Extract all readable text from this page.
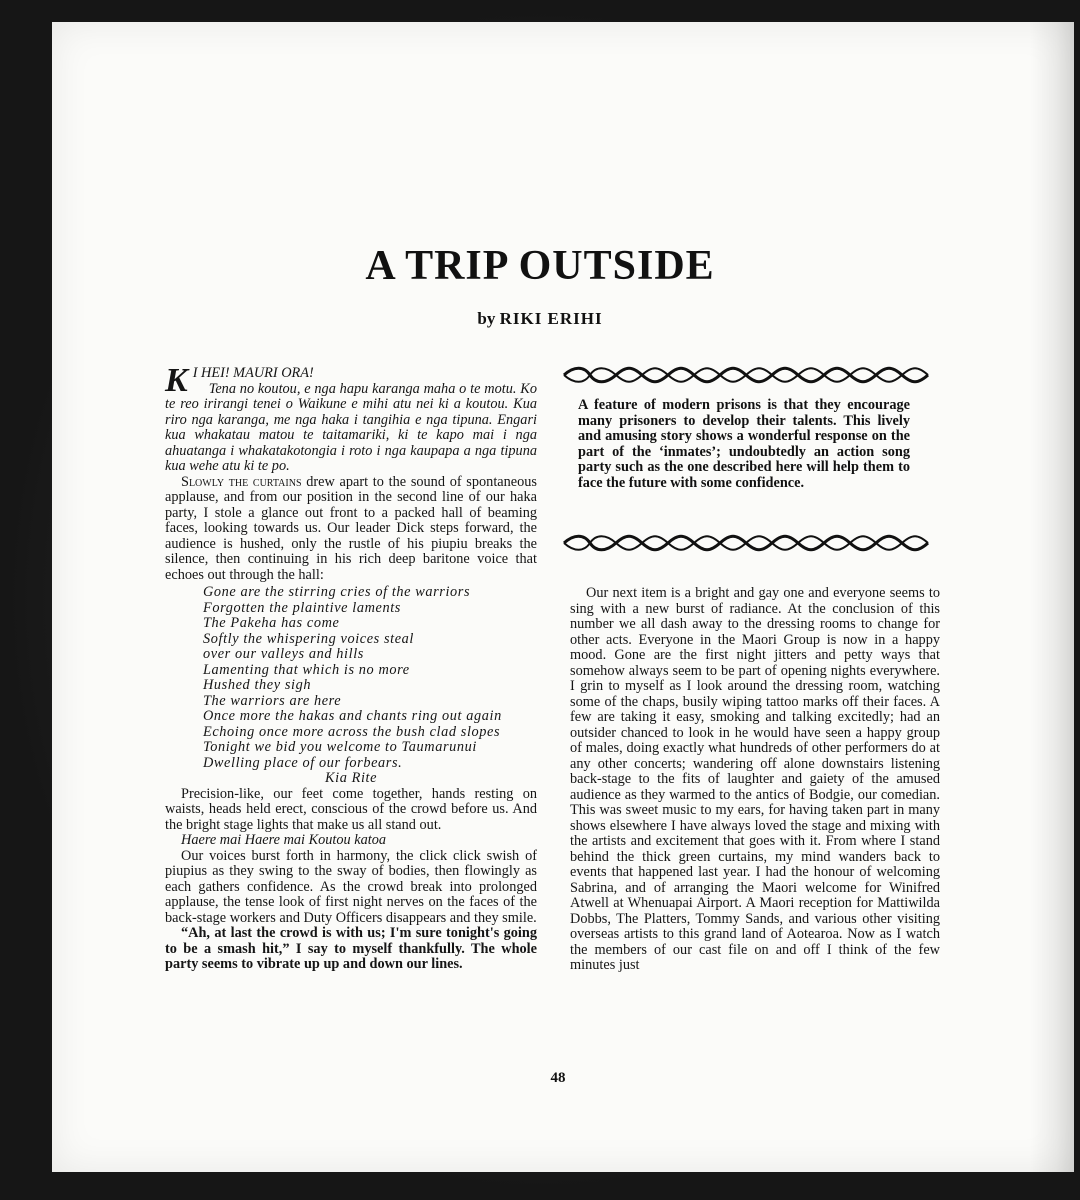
A TRIP OUTSIDE
by RIKI ERIHI

K I HEI! MAURI ORA!

Tena no koutou, e nga hapu karanga maha o te motu. Ko te reo irirangi tenei o Waikune e mihi atu nei ki a koutou. Kua riro nga karanga, me nga haka i tangihia e nga tipuna. Engari kua whakatau matou te taitamariki, ki te kapo mai i nga ahuatanga i whakatakotongia i roto i nga kaupapa a nga tipuna kua wehe atu ki te po.

Slowly the curtains drew apart to the sound of spontaneous applause, and from our position in the second line of our haka party, I stole a glance out front to a packed hall of beaming faces, looking towards us. Our leader Dick steps forward, the audience is hushed, only the rustle of his piupiu breaks the silence, then continuing in his rich deep baritone voice that echoes out through the hall:

Gone are the stirring cries of the warriors
Forgotten the plaintive laments
The Pakeha has come
Softly the whispering voices steal
over our valleys and hills
Lamenting that which is no more
Hushed they sigh
The warriors are here
Once more the hakas and chants ring out again
Echoing once more across the bush clad slopes
Tonight we bid you welcome to Taumarunui
Dwelling place of our forbears.
Kia Rite

Precision-like, our feet come together, hands resting on waists, heads held erect, conscious of the crowd before us. And the bright stage lights that make us all stand out.

Haere mai Haere mai Koutou katoa

Our voices burst forth in harmony, the click click swish of piupius as they swing to the sway of bodies, then flowingly as each gathers confidence. As the crowd break into prolonged applause, the tense look of first night nerves on the faces of the back-stage workers and Duty Officers disappears and they smile.

“Ah, at last the crowd is with us; I'm sure tonight's going to be a smash hit,” I say to myself thankfully. The whole party seems to vibrate up up and down our lines.

A feature of modern prisons is that they encourage many prisoners to develop their talents. This lively and amusing story shows a wonderful response on the part of the ‘inmates’; undoubtedly an action song party such as the one described here will help them to face the future with some confidence.

Our next item is a bright and gay one and everyone seems to sing with a new burst of radiance. At the conclusion of this number we all dash away to the dressing rooms to change for other acts. Everyone in the Maori Group is now in a happy mood. Gone are the first night jitters and petty ways that somehow always seem to be part of opening nights everywhere. I grin to myself as I look around the dressing room, watching some of the chaps, busily wiping tattoo marks off their faces. A few are taking it easy, smoking and talking excitedly; had an outsider chanced to look in he would have seen a happy group of males, doing exactly what hundreds of other performers do at any other concerts; wandering off alone downstairs listening back-stage to the fits of laughter and gaiety of the amused audience as they warmed to the antics of Bodgie, our comedian. This was sweet music to my ears, for having taken part in many shows elsewhere I have always loved the stage and mixing with the artists and excitement that goes with it. From where I stand behind the thick green curtains, my mind wanders back to events that happened last year. I had the honour of welcoming Sabrina, and of arranging the Maori welcome for Winifred Atwell at Whenuapai Airport. A Maori reception for Mattiwilda Dobbs, The Platters, Tommy Sands, and various other visiting overseas artists to this grand land of Aotearoa. Now as I watch the members of our cast file on and off I think of the few minutes just

48
